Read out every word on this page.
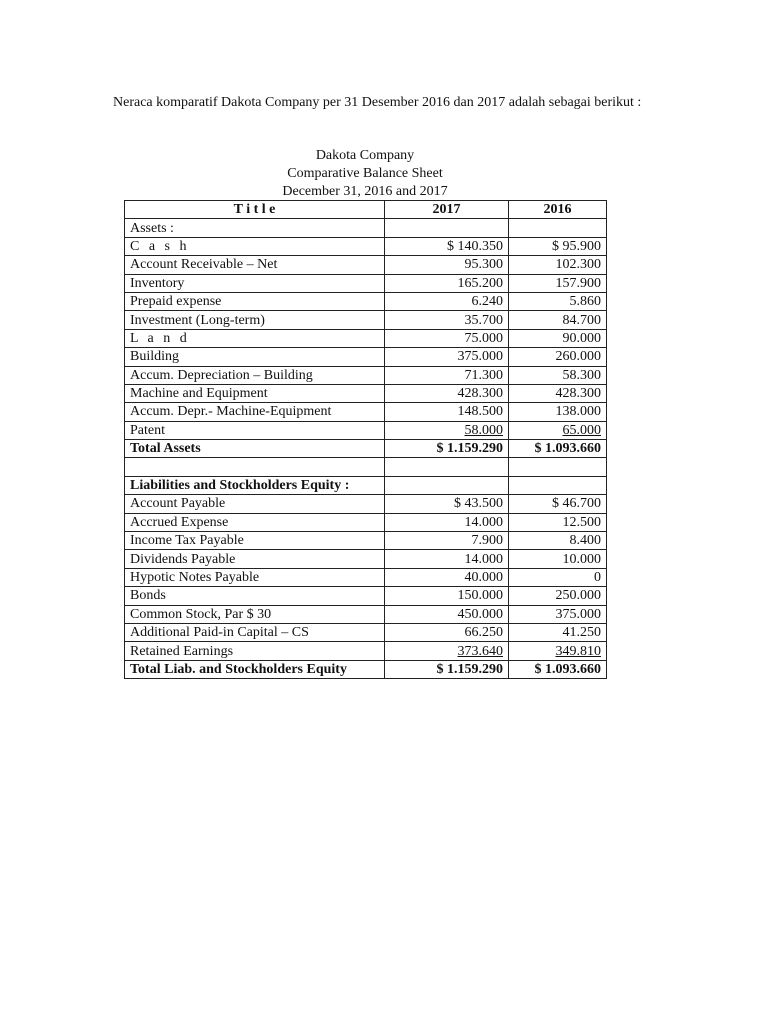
Neraca komparatif Dakota Company per 31 Desember 2016 dan 2017 adalah sebagai berikut :

Dakota Company
Comparative Balance Sheet
December 31, 2016 and 2017
T i t l e	2017	2016
Assets :		
C a s h	$ 140.350	$ 95.900
Account Receivable – Net	95.300	102.300
Inventory	165.200	157.900
Prepaid expense	6.240	5.860
Investment (Long-term)	35.700	84.700
L a n d	75.000	90.000
Building	375.000	260.000
Accum. Depreciation – Building	71.300	58.300
Machine and Equipment	428.300	428.300
Accum. Depr.- Machine-Equipment	148.500	138.000
Patent	58.000	65.000
Total Assets	$ 1.159.290	$ 1.093.660

Liabilities and Stockholders Equity :		
Account Payable	$ 43.500	$ 46.700
Accrued Expense	14.000	12.500
Income Tax Payable	7.900	8.400
Dividends Payable	14.000	10.000
Hypotic Notes Payable	40.000	0
Bonds	150.000	250.000
Common Stock, Par $ 30	450.000	375.000
Additional Paid-in Capital – CS	66.250	41.250
Retained Earnings	373.640	349.810
Total Liab. and Stockholders Equity	$ 1.159.290	$ 1.093.660
